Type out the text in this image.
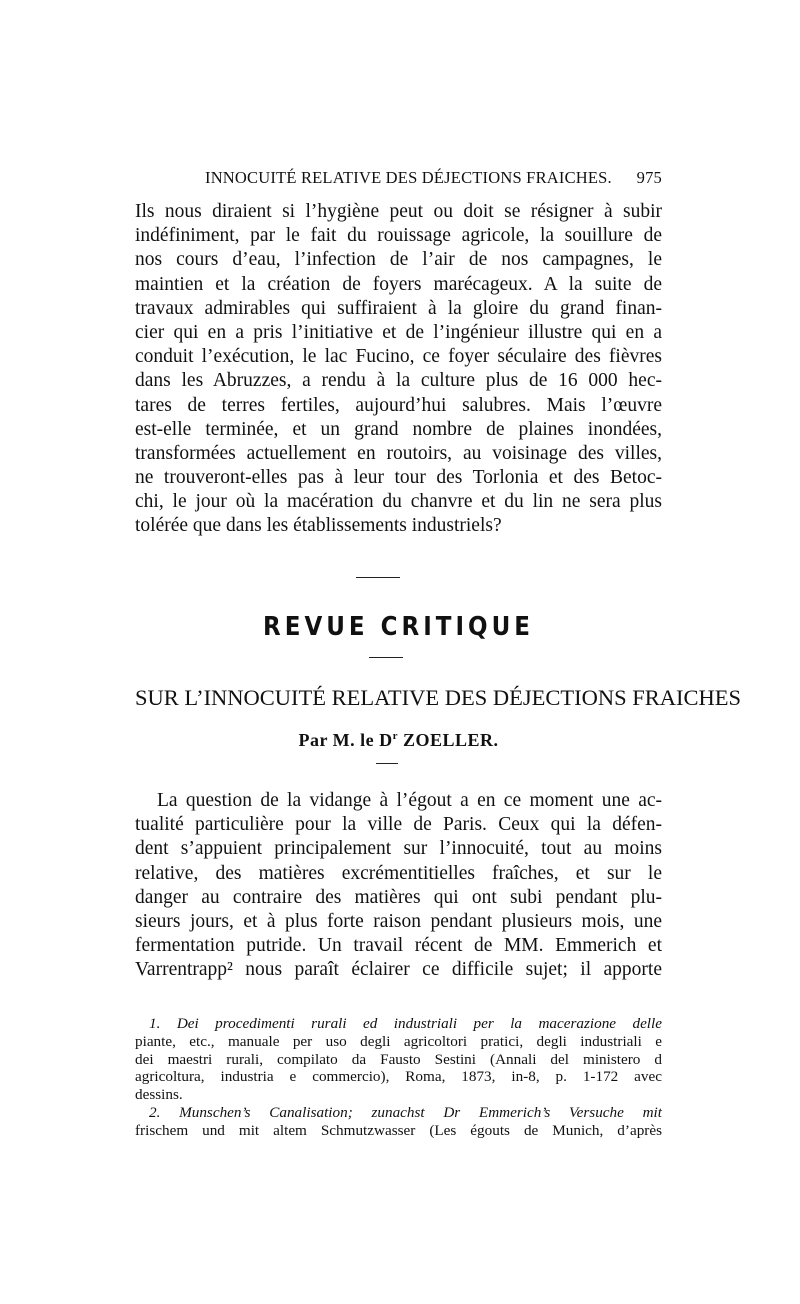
INNOCUITÉ RELATIVE DES DÉJECTIONS FRAICHES. 975
Ils nous diraient si l’hygiène peut ou doit se résigner à subir
indéfiniment, par le fait du rouissage agricole, la souillure de
nos cours d’eau, l’infection de l’air de nos campagnes, le
maintien et la création de foyers marécageux. A la suite de
travaux admirables qui suffiraient à la gloire du grand finan-
cier qui en a pris l’initiative et de l’ingénieur illustre qui en a
conduit l’exécution, le lac Fucino, ce foyer séculaire des fièvres
dans les Abruzzes, a rendu à la culture plus de 16 000 hec-
tares de terres fertiles, aujourd’hui salubres. Mais l’œuvre
est-elle terminée, et un grand nombre de plaines inondées,
transformées actuellement en routoirs, au voisinage des villes,
ne trouveront-elles pas à leur tour des Torlonia et des Betoc-
chi, le jour où la macération du chanvre et du lin ne sera plus
tolérée que dans les établissements industriels?
REVUE CRITIQUE
SUR L’INNOCUITÉ RELATIVE DES DÉJECTIONS FRAICHES
Par M. le $D^r$ ZOELLER.
La question de la vidange à l’égout a en ce moment une ac-
tualité particulière pour la ville de Paris. Ceux qui la défen-
dent s’appuient principalement sur l’innocuité, tout au moins
relative, des matières excrémentitielles fraîches, et sur le
danger au contraire des matières qui ont subi pendant plu-
sieurs jours, et à plus forte raison pendant plusieurs mois, une
fermentation putride. Un travail récent de MM. Emmerich et
Varrentrapp² nous paraît éclairer ce difficile sujet; il apporte
1. Dei procedimenti rurali ed industriali per la macerazione delle
piante, etc., manuale per uso degli agricoltori pratici, degli industriali e
dei maestri rurali, compilato da Fausto Sestini (Annali del ministero d
agricoltura, industria e commercio), Roma, 1873, in-8, p. 1-172 avec
dessins.
2. Munschen’s Canalisation; zunachst Dr Emmerich’s Versuche mit
frischem und mit altem Schmutzwasser (Les égouts de Munich, d’après
